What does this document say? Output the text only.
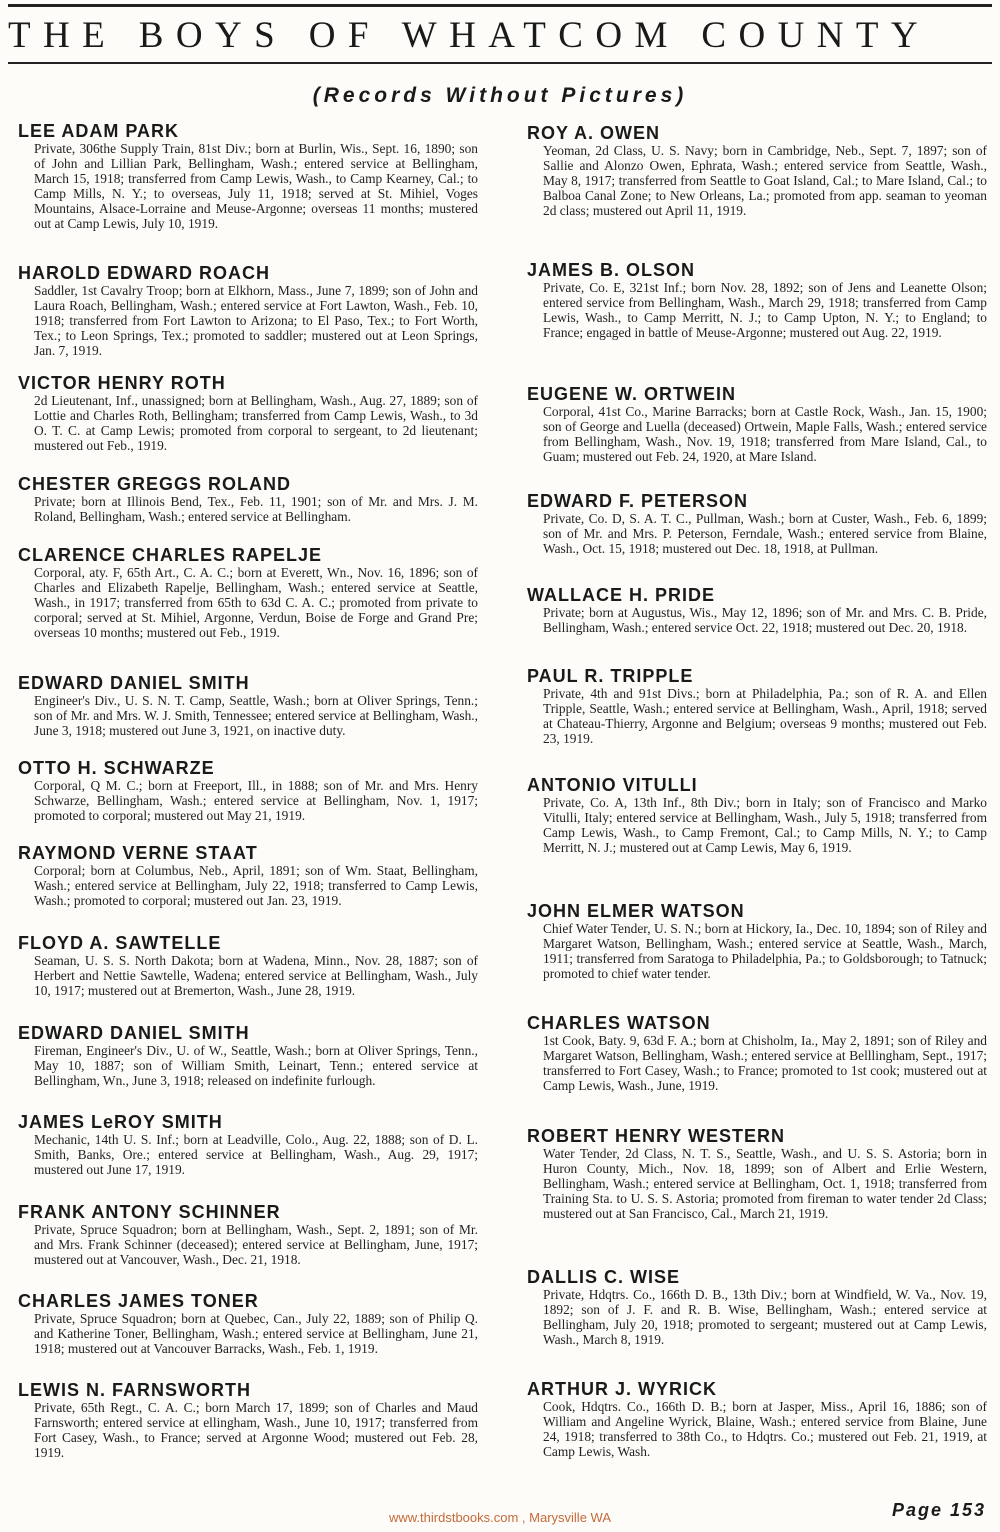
THE BOYS OF WHATCOM COUNTY
(Records Without Pictures)
LEE ADAM PARK
Private, 306the Supply Train, 81st Div.; born at Burlin, Wis., Sept. 16, 1890; son of John and Lillian Park, Bellingham, Wash.; entered service at Bellingham, March 15, 1918; transferred from Camp Lewis, Wash., to Camp Kearney, Cal.; to Camp Mills, N. Y.; to overseas, July 11, 1918; served at St. Mihiel, Voges Mountains, Alsace-Lorraine and Meuse-Argonne; overseas 11 months; mustered out at Camp Lewis, July 10, 1919.
HAROLD EDWARD ROACH
Saddler, 1st Cavalry Troop; born at Elkhorn, Mass., June 7, 1899; son of John and Laura Roach, Bellingham, Wash.; entered service at Fort Lawton, Wash., Feb. 10, 1918; transferred from Fort Lawton to Arizona; to El Paso, Tex.; to Fort Worth, Tex.; to Leon Springs, Tex.; promoted to saddler; mustered out at Leon Springs, Jan. 7, 1919.
VICTOR HENRY ROTH
2d Lieutenant, Inf., unassigned; born at Bellingham, Wash., Aug. 27, 1889; son of Lottie and Charles Roth, Bellingham; transferred from Camp Lewis, Wash., to 3d O. T. C. at Camp Lewis; promoted from corporal to sergeant, to 2d lieutenant; mustered out Feb., 1919.
CHESTER GREGGS ROLAND
Private; born at Illinois Bend, Tex., Feb. 11, 1901; son of Mr. and Mrs. J. M. Roland, Bellingham, Wash.; entered service at Bellingham.
CLARENCE CHARLES RAPELJE
Corporal, aty. F, 65th Art., C. A. C.; born at Everett, Wn., Nov. 16, 1896; son of Charles and Elizabeth Rapelje, Bellingham, Wash.; entered service at Seattle, Wash., in 1917; transferred from 65th to 63d C. A. C.; promoted from private to corporal; served at St. Mihiel, Argonne, Verdun, Boise de Forge and Grand Pre; overseas 10 months; mustered out Feb., 1919.
EDWARD DANIEL SMITH
Engineer's Div., U. S. N. T. Camp, Seattle, Wash.; born at Oliver Springs, Tenn.; son of Mr. and Mrs. W. J. Smith, Tennessee; entered service at Bellingham, Wash., June 3, 1918; mustered out June 3, 1921, on inactive duty.
OTTO H. SCHWARZE
Corporal, Q M. C.; born at Freeport, Ill., in 1888; son of Mr. and Mrs. Henry Schwarze, Bellingham, Wash.; entered service at Bellingham, Nov. 1, 1917; promoted to corporal; mustered out May 21, 1919.
RAYMOND VERNE STAAT
Corporal; born at Columbus, Neb., April, 1891; son of Wm. Staat, Bellingham, Wash.; entered service at Bellingham, July 22, 1918; transferred to Camp Lewis, Wash.; promoted to corporal; mustered out Jan. 23, 1919.
FLOYD A. SAWTELLE
Seaman, U. S. S. North Dakota; born at Wadena, Minn., Nov. 28, 1887; son of Herbert and Nettie Sawtelle, Wadena; entered service at Bellingham, Wash., July 10, 1917; mustered out at Bremerton, Wash., June 28, 1919.
EDWARD DANIEL SMITH
Fireman, Engineer's Div., U. of W., Seattle, Wash.; born at Oliver Springs, Tenn., May 10, 1887; son of William Smith, Leinart, Tenn.; entered service at Bellingham, Wn., June 3, 1918; released on indefinite furlough.
JAMES LeROY SMITH
Mechanic, 14th U. S. Inf.; born at Leadville, Colo., Aug. 22, 1888; son of D. L. Smith, Banks, Ore.; entered service at Bellingham, Wash., Aug. 29, 1917; mustered out June 17, 1919.
FRANK ANTONY SCHINNER
Private, Spruce Squadron; born at Bellingham, Wash., Sept. 2, 1891; son of Mr. and Mrs. Frank Schinner (deceased); entered service at Bellingham, June, 1917; mustered out at Vancouver, Wash., Dec. 21, 1918.
CHARLES JAMES TONER
Private, Spruce Squadron; born at Quebec, Can., July 22, 1889; son of Philip Q. and Katherine Toner, Bellingham, Wash.; entered service at Bellingham, June 21, 1918; mustered out at Vancouver Barracks, Wash., Feb. 1, 1919.
LEWIS N. FARNSWORTH
Private, 65th Regt., C. A. C.; born March 17, 1899; son of Charles and Maud Farnsworth; entered service at ellingham, Wash., June 10, 1917; transferred from Fort Casey, Wash., to France; served at Argonne Wood; mustered out Feb. 28, 1919.
ROY A. OWEN
Yeoman, 2d Class, U. S. Navy; born in Cambridge, Neb., Sept. 7, 1897; son of Sallie and Alonzo Owen, Ephrata, Wash.; entered service from Seattle, Wash., May 8, 1917; transferred from Seattle to Goat Island, Cal.; to Mare Island, Cal.; to Balboa Canal Zone; to New Orleans, La.; promoted from app. seaman to yeoman 2d class; mustered out April 11, 1919.
JAMES B. OLSON
Private, Co. E, 321st Inf.; born Nov. 28, 1892; son of Jens and Leanette Olson; entered service from Bellingham, Wash., March 29, 1918; transferred from Camp Lewis, Wash., to Camp Merritt, N. J.; to Camp Upton, N. Y.; to England; to France; engaged in battle of Meuse-Argonne; mustered out Aug. 22, 1919.
EUGENE W. ORTWEIN
Corporal, 41st Co., Marine Barracks; born at Castle Rock, Wash., Jan. 15, 1900; son of George and Luella (deceased) Ortwein, Maple Falls, Wash.; entered service from Bellingham, Wash., Nov. 19, 1918; transferred from Mare Island, Cal., to Guam; mustered out Feb. 24, 1920, at Mare Island.
EDWARD F. PETERSON
Private, Co. D, S. A. T. C., Pullman, Wash.; born at Custer, Wash., Feb. 6, 1899; son of Mr. and Mrs. P. Peterson, Ferndale, Wash.; entered service from Blaine, Wash., Oct. 15, 1918; mustered out Dec. 18, 1918, at Pullman.
WALLACE H. PRIDE
Private; born at Augustus, Wis., May 12, 1896; son of Mr. and Mrs. C. B. Pride, Bellingham, Wash.; entered service Oct. 22, 1918; mustered out Dec. 20, 1918.
PAUL R. TRIPPLE
Private, 4th and 91st Divs.; born at Philadelphia, Pa.; son of R. A. and Ellen Tripple, Seattle, Wash.; entered service at Bellingham, Wash., April, 1918; served at Chateau-Thierry, Argonne and Belgium; overseas 9 months; mustered out Feb. 23, 1919.
ANTONIO VITULLI
Private, Co. A, 13th Inf., 8th Div.; born in Italy; son of Francisco and Marko Vitulli, Italy; entered service at Bellingham, Wash., July 5, 1918; transferred from Camp Lewis, Wash., to Camp Fremont, Cal.; to Camp Mills, N. Y.; to Camp Merritt, N. J.; mustered out at Camp Lewis, May 6, 1919.
JOHN ELMER WATSON
Chief Water Tender, U. S. N.; born at Hickory, Ia., Dec. 10, 1894; son of Riley and Margaret Watson, Bellingham, Wash.; entered service at Seattle, Wash., March, 1911; transferred from Saratoga to Philadelphia, Pa.; to Goldsborough; to Tatnuck; promoted to chief water tender.
CHARLES WATSON
1st Cook, Baty. 9, 63d F. A.; born at Chisholm, Ia., May 2, 1891; son of Riley and Margaret Watson, Bellingham, Wash.; entered service at Belllingham, Sept., 1917; transferred to Fort Casey, Wash.; to France; promoted to 1st cook; mustered out at Camp Lewis, Wash., June, 1919.
ROBERT HENRY WESTERN
Water Tender, 2d Class, N. T. S., Seattle, Wash., and U. S. S. Astoria; born in Huron County, Mich., Nov. 18, 1899; son of Albert and Erlie Western, Bellingham, Wash.; entered service at Bellingham, Oct. 1, 1918; transferred from Training Sta. to U. S. S. Astoria; promoted from fireman to water tender 2d Class; mustered out at San Francisco, Cal., March 21, 1919.
DALLIS C. WISE
Private, Hdqtrs. Co., 166th D. B., 13th Div.; born at Windfield, W. Va., Nov. 19, 1892; son of J. F. and R. B. Wise, Bellingham, Wash.; entered service at Bellingham, July 20, 1918; promoted to sergeant; mustered out at Camp Lewis, Wash., March 8, 1919.
ARTHUR J. WYRICK
Cook, Hdqtrs. Co., 166th D. B.; born at Jasper, Miss., April 16, 1886; son of William and Angeline Wyrick, Blaine, Wash.; entered service from Blaine, June 24, 1918; transferred to 38th Co., to Hdqtrs. Co.; mustered out Feb. 21, 1919, at Camp Lewis, Wash.
www.thirdstbooks.com , Marysville WA	Page 153
